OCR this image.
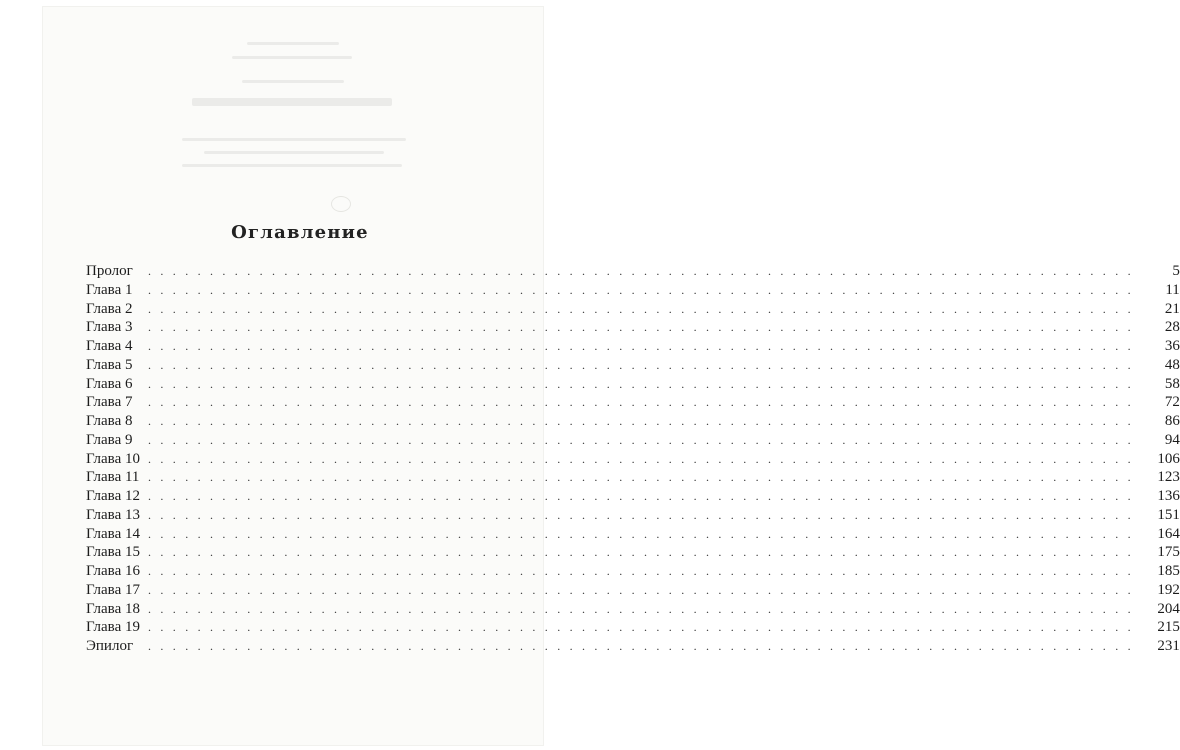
Оглавление
Пролог	. . . . . . . . . . . . . . . . . . . . . . . . . . . . . . . . . . . . . . . . . . . . . . . . . . . . . . . . . . . . . . . . . . . . . . . . . . . . . . . .	5
Глава 1	. . . . . . . . . . . . . . . . . . . . . . . . . . . . . . . . . . . . . . . . . . . . . . . . . . . . . . . . . . . . . . . . . . . . . . . . . . . . . . . .	11
Глава 2	. . . . . . . . . . . . . . . . . . . . . . . . . . . . . . . . . . . . . . . . . . . . . . . . . . . . . . . . . . . . . . . . . . . . . . . . . . . . . . . .	21
Глава 3	. . . . . . . . . . . . . . . . . . . . . . . . . . . . . . . . . . . . . . . . . . . . . . . . . . . . . . . . . . . . . . . . . . . . . . . . . . . . . . . .	28
Глава 4	. . . . . . . . . . . . . . . . . . . . . . . . . . . . . . . . . . . . . . . . . . . . . . . . . . . . . . . . . . . . . . . . . . . . . . . . . . . . . . . .	36
Глава 5	. . . . . . . . . . . . . . . . . . . . . . . . . . . . . . . . . . . . . . . . . . . . . . . . . . . . . . . . . . . . . . . . . . . . . . . . . . . . . . . .	48
Глава 6	. . . . . . . . . . . . . . . . . . . . . . . . . . . . . . . . . . . . . . . . . . . . . . . . . . . . . . . . . . . . . . . . . . . . . . . . . . . . . . . .	58
Глава 7	. . . . . . . . . . . . . . . . . . . . . . . . . . . . . . . . . . . . . . . . . . . . . . . . . . . . . . . . . . . . . . . . . . . . . . . . . . . . . . . .	72
Глава 8	. . . . . . . . . . . . . . . . . . . . . . . . . . . . . . . . . . . . . . . . . . . . . . . . . . . . . . . . . . . . . . . . . . . . . . . . . . . . . . . .	86
Глава 9	. . . . . . . . . . . . . . . . . . . . . . . . . . . . . . . . . . . . . . . . . . . . . . . . . . . . . . . . . . . . . . . . . . . . . . . . . . . . . . . .	94
Глава 10 . . . . . . . . . . . . . . . . . . . . . . . . . . . . . . . . . . . . . . . . . . . . . . . . . . . . . . . . . . . . . . . . . . . . . . . . . . . . . . . .	106
Глава 11 . . . . . . . . . . . . . . . . . . . . . . . . . . . . . . . . . . . . . . . . . . . . . . . . . . . . . . . . . . . . . . . . . . . . . . . . . . . . . . . .	123
Глава 12 . . . . . . . . . . . . . . . . . . . . . . . . . . . . . . . . . . . . . . . . . . . . . . . . . . . . . . . . . . . . . . . . . . . . . . . . . . . . . . . .	136
Глава 13 . . . . . . . . . . . . . . . . . . . . . . . . . . . . . . . . . . . . . . . . . . . . . . . . . . . . . . . . . . . . . . . . . . . . . . . . . . . . . . . .	151
Глава 14 . . . . . . . . . . . . . . . . . . . . . . . . . . . . . . . . . . . . . . . . . . . . . . . . . . . . . . . . . . . . . . . . . . . . . . . . . . . . . . . .	164
Глава 15 . . . . . . . . . . . . . . . . . . . . . . . . . . . . . . . . . . . . . . . . . . . . . . . . . . . . . . . . . . . . . . . . . . . . . . . . . . . . . . . .	175
Глава 16 . . . . . . . . . . . . . . . . . . . . . . . . . . . . . . . . . . . . . . . . . . . . . . . . . . . . . . . . . . . . . . . . . . . . . . . . . . . . . . . .	185
Глава 17 . . . . . . . . . . . . . . . . . . . . . . . . . . . . . . . . . . . . . . . . . . . . . . . . . . . . . . . . . . . . . . . . . . . . . . . . . . . . . . . .	192
Глава 18 . . . . . . . . . . . . . . . . . . . . . . . . . . . . . . . . . . . . . . . . . . . . . . . . . . . . . . . . . . . . . . . . . . . . . . . . . . . . . . . .	204
Глава 19 . . . . . . . . . . . . . . . . . . . . . . . . . . . . . . . . . . . . . . . . . . . . . . . . . . . . . . . . . . . . . . . . . . . . . . . . . . . . . . . .	215
Эпилог	. . . . . . . . . . . . . . . . . . . . . . . . . . . . . . . . . . . . . . . . . . . . . . . . . . . . . . . . . . . . . . . . . . . . . . . . . . . . . . . .	231
